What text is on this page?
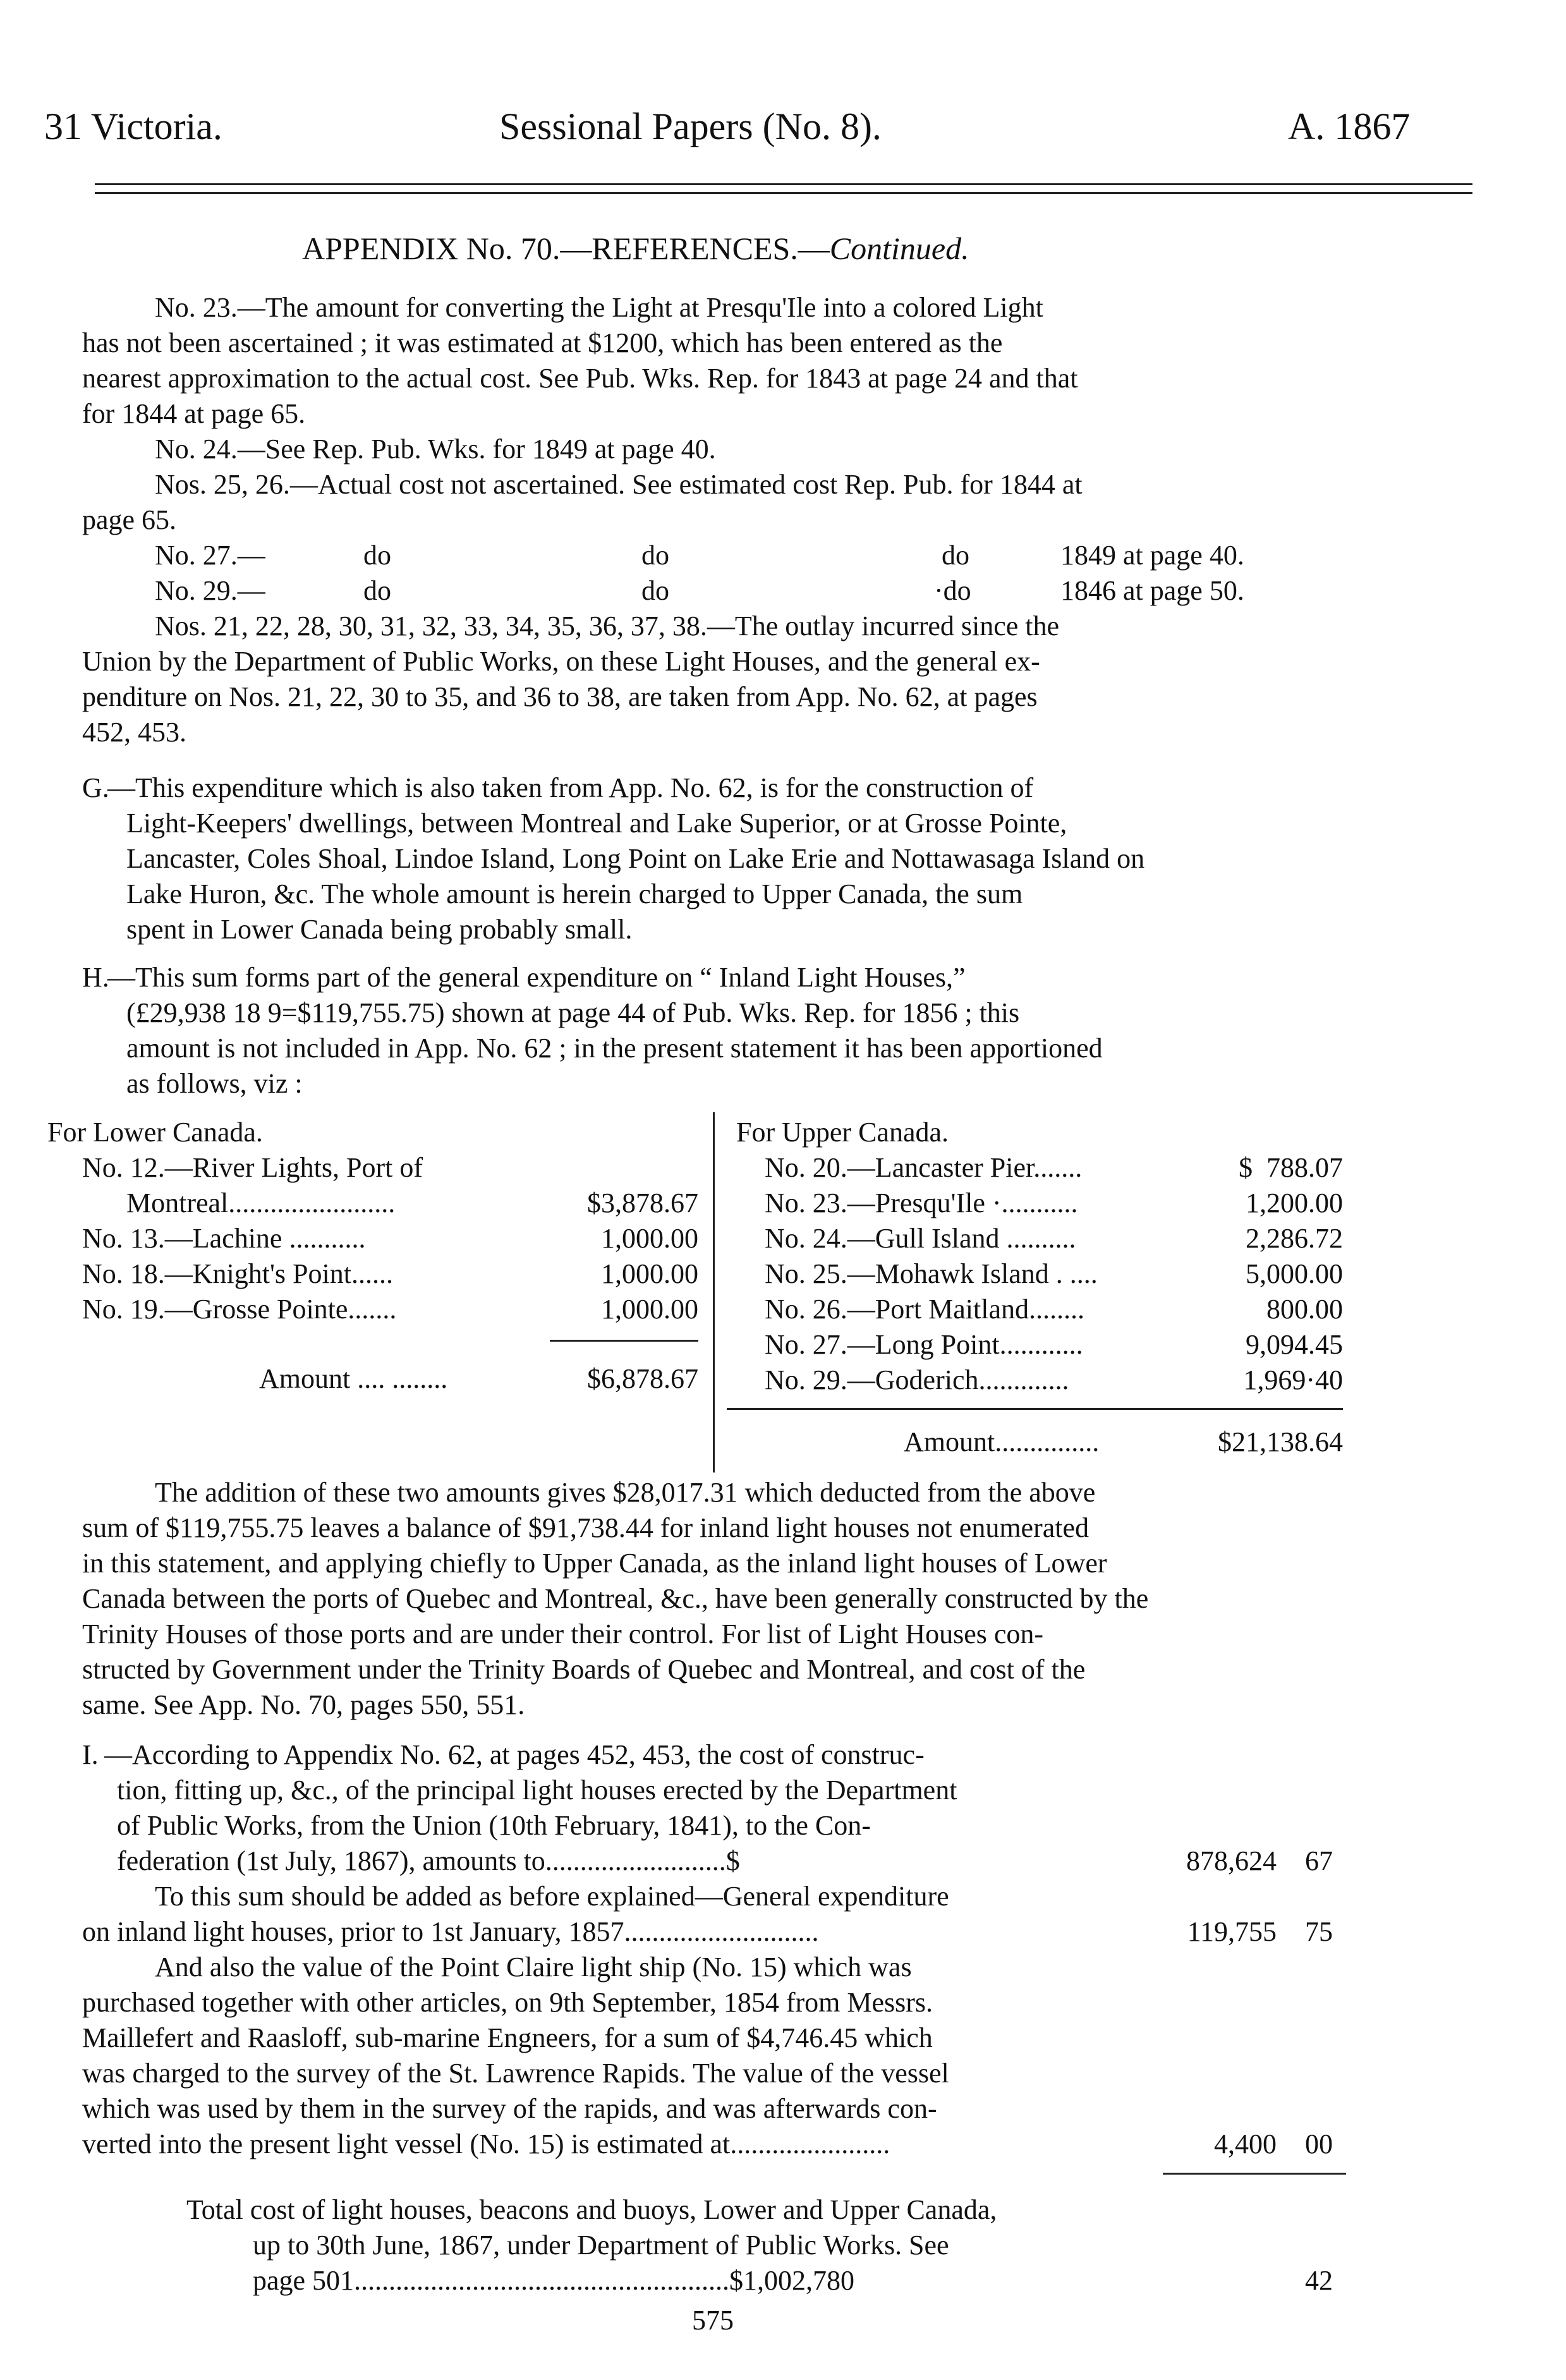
31 Victoria.	Sessional Papers (No. 8).	A. 1867
APPENDIX No. 70.—REFERENCES.—Continued.
No. 23.—The amount for converting the Light at Presqu'Ile into a colored Light
has not been ascertained ; it was estimated at $1200, which has been entered as the
nearest approximation to the actual cost. See Pub. Wks. Rep. for 1843 at page 24 and that
for 1844 at page 65.
No. 24.—See Rep. Pub. Wks. for 1849 at page 40.
Nos. 25, 26.—Actual cost not ascertained. See estimated cost Rep. Pub. for 1844 at
page 65.
No. 27.—	do	do	do	1849 at page 40.
No. 29.—	do	do	·do	1846 at page 50.
Nos. 21, 22, 28, 30, 31, 32, 33, 34, 35, 36, 37, 38.—The outlay incurred since the
Union by the Department of Public Works, on these Light Houses, and the general ex-
penditure on Nos. 21, 22, 30 to 35, and 36 to 38, are taken from App. No. 62, at pages
452, 453.
G.
—This expenditure which is also taken from App. No. 62, is for the construction of
Light-Keepers' dwellings, between Montreal and Lake Superior, or at Grosse Pointe,
Lancaster, Coles Shoal, Lindoe Island, Long Point on Lake Erie and Nottawasaga Island on
Lake Huron, &c. The whole amount is herein charged to Upper Canada, the sum
spent in Lower Canada being probably small.
H.
—This sum forms part of the general expenditure on “ Inland Light Houses,”
(£29,938 18 9=$119,755.75) shown at page 44 of Pub. Wks. Rep. for 1856 ; this
amount is not included in App. No. 62 ; in the present statement it has been apportioned
as follows, viz :
For Lower Canada.
No. 12.—River Lights, Port of
Montreal........................	$3,878.67
No. 13.—Lachine ...........	1,000.00
No. 18.—Knight's Point......	1,000.00
No. 19.—Grosse Pointe.......	1,000.00
Amount .... ........	$6,878.67
For Upper Canada.
No. 20.—Lancaster Pier.......	$  788.07
No. 23.—Presqu'Ile ·...........	1,200.00
No. 24.—Gull Island ..........	2,286.72
No. 25.—Mohawk Island . ....	5,000.00
No. 26.—Port Maitland........	800.00
No. 27.—Long Point............	9,094.45
No. 29.—Goderich.............	1,969·40
Amount...............	$21,138.64
The addition of these two amounts gives $28,017.31 which deducted from the above
sum of $119,755.75 leaves a balance of $91,738.44 for inland light houses not enumerated
in this statement, and applying chiefly to Upper Canada, as the inland light houses of Lower
Canada between the ports of Quebec and Montreal, &c., have been generally constructed by the
Trinity Houses of those ports and are under their control. For list of Light Houses con-
structed by Government under the Trinity Boards of Quebec and Montreal, and cost of the
same. See App. No. 70, pages 550, 551.
I. —According to Appendix No. 62, at pages 452, 453, the cost of construc-
tion, fitting up, &c., of the principal light houses erected by the Department
of Public Works, from the Union (10th February, 1841), to the Con-
federation (1st July, 1867), amounts to..........................$	878,624 67
To this sum should be added as before explained—General expenditure
on inland light houses, prior to 1st January, 1857............................	119,755 75
And also the value of the Point Claire light ship (No. 15) which was
purchased together with other articles, on 9th September, 1854 from Messrs.
Maillefert and Raasloff, sub-marine Engneers, for a sum of $4,746.45 which
was charged to the survey of the St. Lawrence Rapids. The value of the vessel
which was used by them in the survey of the rapids, and was afterwards con-
verted into the present light vessel (No. 15) is estimated at.......................	4,400 00
Total cost of light houses, beacons and buoys, Lower and Upper Canada,
up to 30th June, 1867, under Department of Public Works. See
page 501......................................................$1,002,780	42
575
